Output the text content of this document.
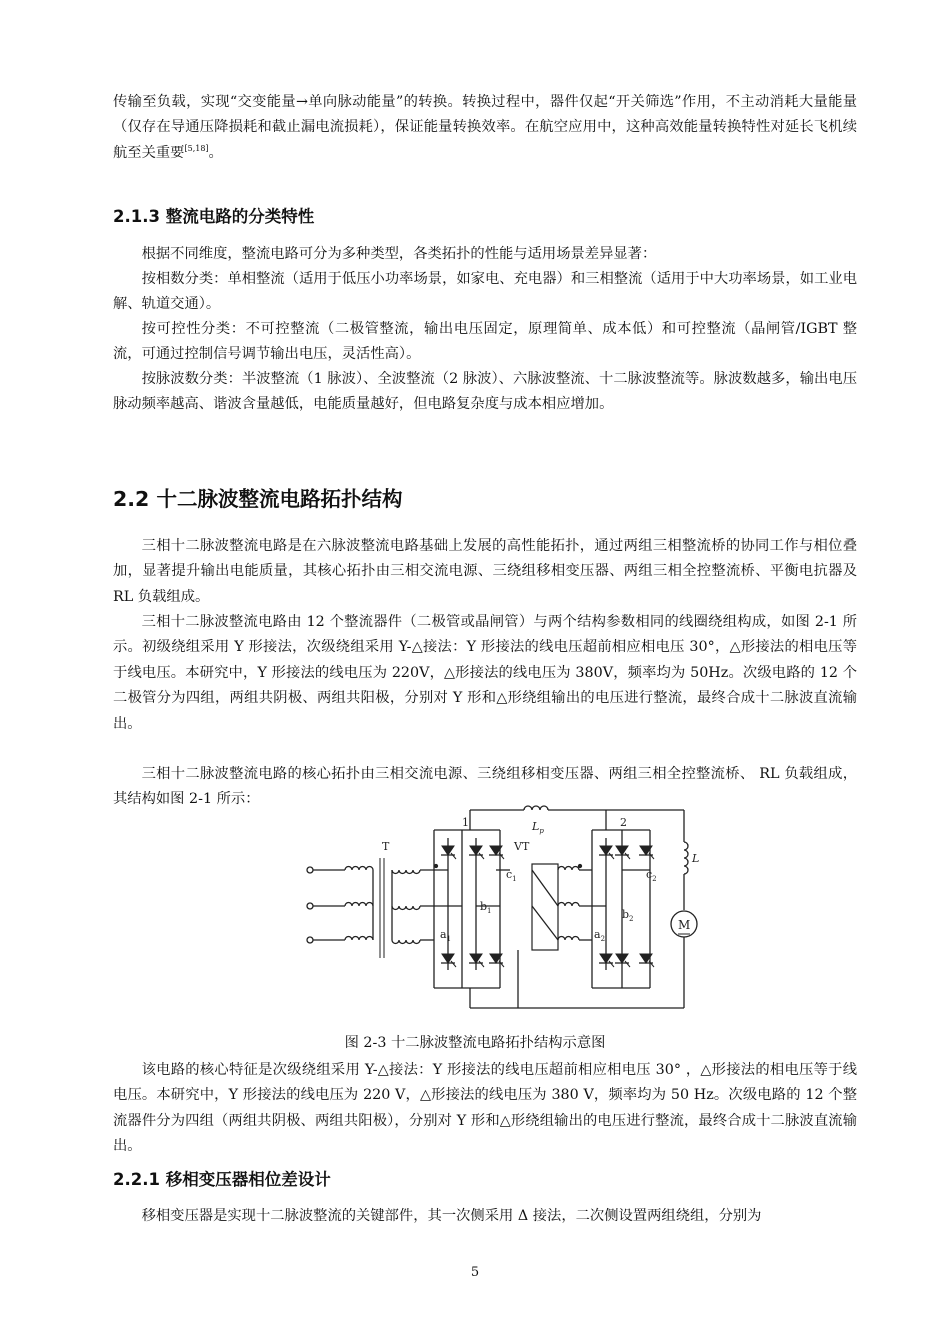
传输至负载，实现“交变能量→单向脉动能量”的转换。转换过程中，器件仅起“开关筛选”作用，不主动消耗大量能量（仅存在导通压降损耗和截止漏电流损耗），保证能量转换效率。在航空应用中，这种高效能量转换特性对延长飞机续航至关重要[5,18]。

2.1.3 整流电路的分类特性

根据不同维度，整流电路可分为多种类型，各类拓扑的性能与适用场景差异显著：

按相数分类：单相整流（适用于低压小功率场景，如家电、充电器）和三相整流（适用于中大功率场景，如工业电解、轨道交通）。

按可控性分类：不可控整流（二极管整流，输出电压固定，原理简单、成本低）和可控整流（晶闸管/IGBT 整流，可通过控制信号调节输出电压，灵活性高）。

按脉波数分类：半波整流（1 脉波）、全波整流（2 脉波）、六脉波整流、十二脉波整流等。脉波数越多，输出电压脉动频率越高、谐波含量越低，电能质量越好，但电路复杂度与成本相应增加。

2.2 十二脉波整流电路拓扑结构

三相十二脉波整流电路是在六脉波整流电路基础上发展的高性能拓扑，通过两组三相整流桥的协同工作与相位叠加，显著提升输出电能质量，其核心拓扑由三相交流电源、三绕组移相变压器、两组三相全控整流桥、平衡电抗器及 RL 负载组成。

三相十二脉波整流电路由 12 个整流器件（二极管或晶闸管）与两个结构参数相同的线圈绕组构成，如图 2-1 所示。初级绕组采用 Y 形接法，次级绕组采用 Y-△接法：Y 形接法的线电压超前相应相电压 30°，△形接法的相电压等于线电压。本研究中，Y 形接法的线电压为 220V，△形接法的线电压为 380V，频率均为 50Hz。次级电路的 12 个二极管分为四组，两组共阴极、两组共阳极，分别对 Y 形和△形绕组输出的电压进行整流，最终合成十二脉波直流输出。

三相十二脉波整流电路的核心拓扑由三相交流电源、三绕组移相变压器、两组三相全控整流桥、 RL 负载组成，其结构如图 2-1 所示：

T
1
$a_1$
$b_1$
$c_1$
VT
$L_p$
2
$a_2$
$b_2$
$c_2$
L
M

图 2-3 十二脉波整流电路拓扑结构示意图

该电路的核心特征是次级绕组采用 Y-△接法：Y 形接法的线电压超前相应相电压 30° ，△形接法的相电压等于线电压。本研究中，Y 形接法的线电压为 220 V，△形接法的线电压为 380 V，频率均为 50 Hz。次级电路的 12 个整流器件分为四组（两组共阴极、两组共阳极），分别对 Y 形和△形绕组输出的电压进行整流，最终合成十二脉波直流输出。

2.2.1 移相变压器相位差设计

移相变压器是实现十二脉波整流的关键部件，其一次侧采用 Δ 接法，二次侧设置两组绕组，分别为

5
